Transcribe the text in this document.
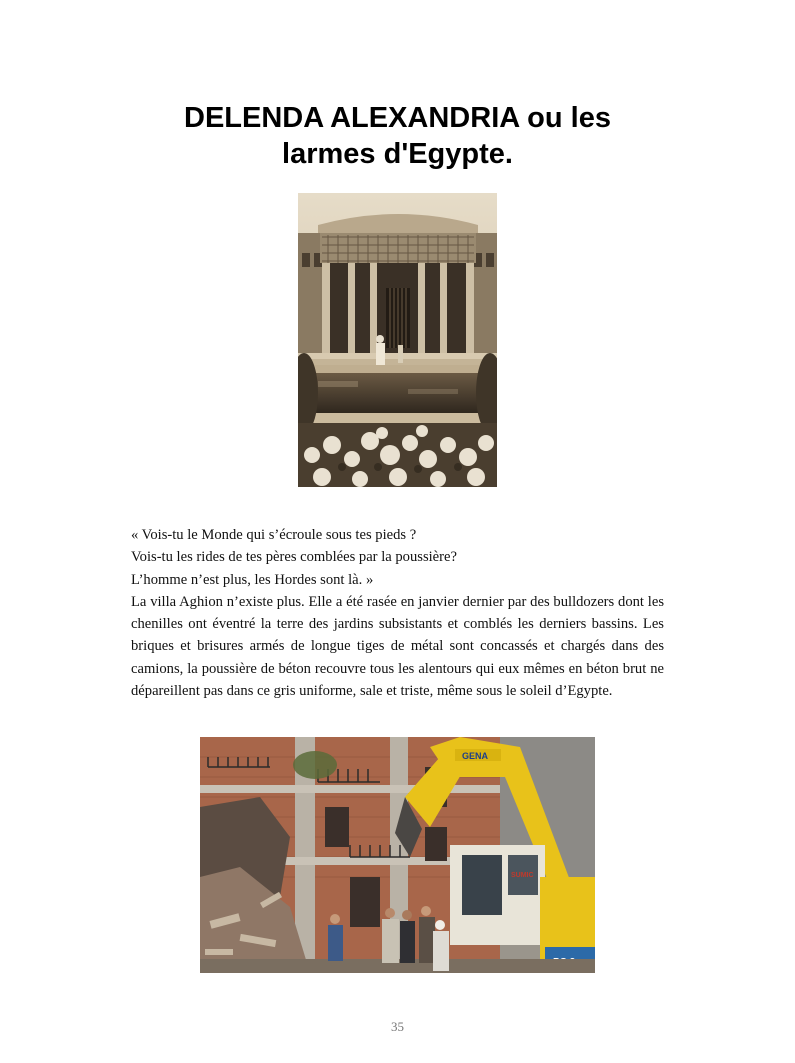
DELENDA ALEXANDRIA ou les
larmes d'Egypte.
« Vois-tu le Monde qui s’écroule sous tes pieds ?
Vois-tu les rides de tes pères comblées par la poussière?
L’homme n’est plus, les Hordes sont là. »
La villa Aghion n’existe plus. Elle a été rasée en janvier dernier par des bulldozers dont les chenilles ont éventré la terre des jardins subsistants et comblés les derniers bassins. Les briques et brisures armés de longue tiges de métal sont concassés et chargés dans des camions, la poussière de béton recouvre tous les alentours qui eux mêmes en béton brut ne dépareillent pas dans ce gris uniforme, sale et triste, même sous le soleil d’Egypte.
GENA
SUMIC
35
